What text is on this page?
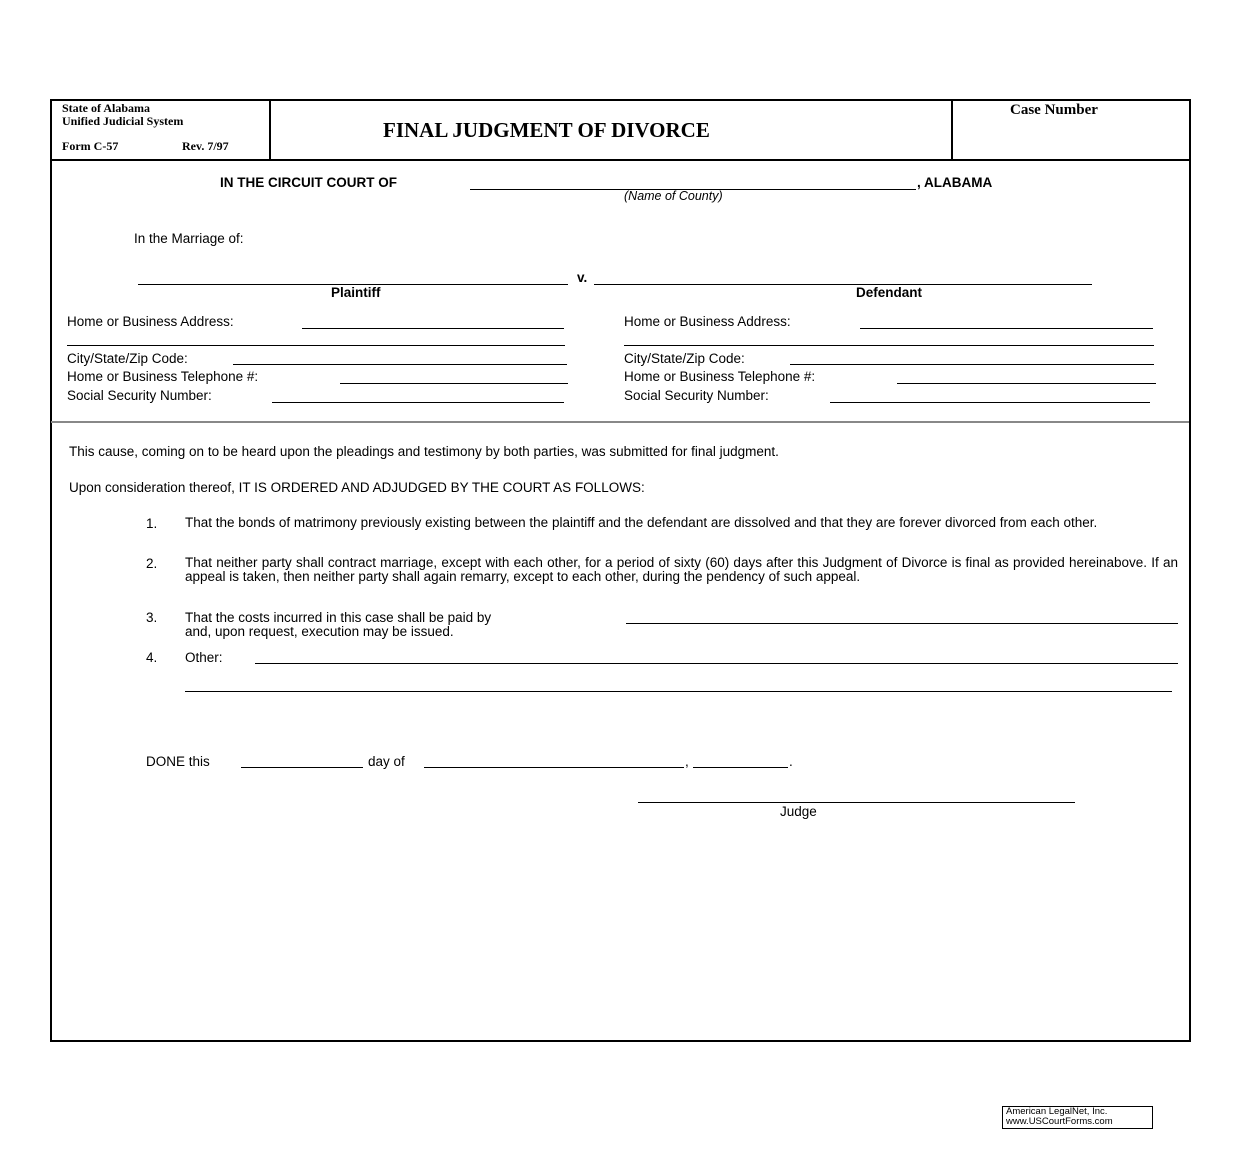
State of Alabama
Unified Judicial System
Form C-57	Rev. 7/97
FINAL JUDGMENT OF DIVORCE
Case Number
IN THE CIRCUIT COURT OF	, ALABAMA
(Name of County)
In the Marriage of:
v.
Plaintiff	Defendant
Home or Business Address:
City/State/Zip Code:
Home or Business Telephone #:
Social Security Number:
Home or Business Address:
City/State/Zip Code:
Home or Business Telephone #:
Social Security Number:
This cause, coming on to be heard upon the pleadings and testimony by both parties, was submitted for final judgment.
Upon consideration thereof, IT IS ORDERED AND ADJUDGED BY THE COURT AS FOLLOWS:
1. That the bonds of matrimony previously existing between the plaintiff and the defendant are dissolved and that they are forever divorced from each other.
2. That neither party shall contract marriage, except with each other, for a period of sixty (60) days after this Judgment of Divorce is final as provided hereinabove. If an appeal is taken, then neither party shall again remarry, except to each other, during the pendency of such appeal.
3. That the costs incurred in this case shall be paid by
and, upon request, execution may be issued.
4. Other:
DONE this	day of	,	.
Judge
American LegalNet, Inc.
www.USCourtForms.com
